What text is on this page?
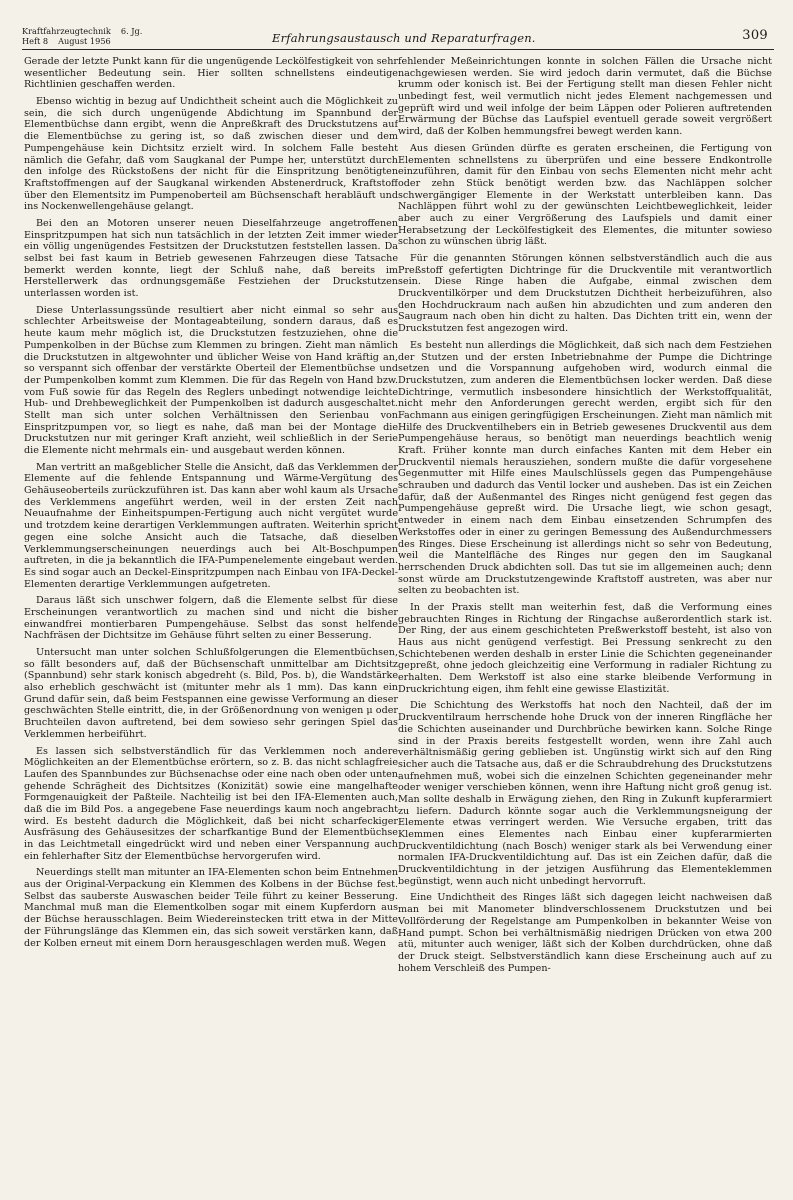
Kraftfahrzeugtechnik 6. Jg.
Heft 8 August 1956	Erfahrungsaustausch und Reparaturfragen.	309

Gerade der letzte Punkt kann für die ungenügende Leckölfestigkeit von sehr wesentlicher Bedeutung sein. Hier sollten schnellstens eindeutige Richtlinien geschaffen werden.

Ebenso wichtig in bezug auf Undichtheit scheint auch die Möglichkeit zu sein, die sich durch ungenügende Abdichtung im Spannbund der Elementbüchse dann ergibt, wenn die Anpreßkraft des Druckstutzens auf die Elementbüchse zu gering ist, so daß zwischen dieser und dem Pumpengehäuse kein Dichtsitz erzielt wird. In solchem Falle besteht nämlich die Gefahr, daß vom Saugkanal der Pumpe her, unterstützt durch den infolge des Rückstoßens der nicht für die Einspritzung benötigten Kraftstoffmengen auf der Saugkanal wirkenden Abstenerdruck, Kraftstoff über den Elementsitz im Pumpenoberteil am Büchsenschaft herabläuft und ins Nockenwellengehäuse gelangt.

Bei den an Motoren unserer neuen Dieselfahrzeuge angetroffenen Einspritzpumpen hat sich nun tatsächlich in der letzten Zeit immer wieder ein völlig ungenügendes Festsitzen der Druckstutzen feststellen lassen. Da selbst bei fast kaum in Betrieb gewesenen Fahrzeugen diese Tatsache bemerkt werden konnte, liegt der Schluß nahe, daß bereits im Herstellerwerk das ordnungsgemäße Festziehen der Druckstutzen unterlassen worden ist.

Diese Unterlassungssünde resultiert aber nicht einmal so sehr aus schlechter Arbeitsweise der Montageabteilung, sondern daraus, daß es heute kaum mehr möglich ist, die Druckstutzen festzuziehen, ohne die Pumpenkolben in der Büchse zum Klemmen zu bringen. Zieht man nämlich die Druckstutzen in altgewohnter und üblicher Weise von Hand kräftig an, so verspannt sich offenbar der verstärkte Oberteil der Elementbüchse und der Pumpenkolben kommt zum Klemmen. Die für das Regeln von Hand bzw. vom Fuß sowie für das Regeln des Reglers unbedingt notwendige leichte Hub- und Drehbeweglichkeit der Pumpenkolben ist dadurch ausgeschaltet. Stellt man sich unter solchen Verhältnissen den Serienbau von Einspritzpumpen vor, so liegt es nahe, daß man bei der Montage die Druckstutzen nur mit geringer Kraft anzieht, weil schließlich in der Serie die Elemente nicht mehrmals ein- und ausgebaut werden können.

Man vertritt an maßgeblicher Stelle die Ansicht, daß das Verklemmen der Elemente auf die fehlende Entspannung und Wärme-Vergütung des Gehäuseoberteils zurückzuführen ist. Das kann aber wohl kaum als Ursache des Verklemmens angeführt werden, weil in der ersten Zeit nach Neuaufnahme der Einheitspumpen-Fertigung auch nicht vergütet wurde und trotzdem keine derartigen Verklemmungen auftraten. Weiterhin spricht gegen eine solche Ansicht auch die Tatsache, daß dieselben Verklemmungserscheinungen neuerdings auch bei Alt-Boschpumpen auftreten, in die ja bekanntlich die IFA-Pumpenelemente eingebaut werden. Es sind sogar auch an Deckel-Einspritzpumpen nach Einbau von IFA-Deckel-Elementen derartige Verklemmungen aufgetreten.

Daraus läßt sich unschwer folgern, daß die Elemente selbst für diese Erscheinungen verantwortlich zu machen sind und nicht die bisher einwandfrei montierbaren Pumpengehäuse. Selbst das sonst helfende Nachfräsen der Dichtsitze im Gehäuse führt selten zu einer Besserung.

Untersucht man unter solchen Schlußfolgerungen die Elementbüchsen, so fällt besonders auf, daß der Büchsenschaft unmittelbar am Dichtsitz (Spannbund) sehr stark konisch abgedreht (s. Bild, Pos. b), die Wandstärke also erheblich geschwächt ist (mitunter mehr als 1 mm). Das kann ein Grund dafür sein, daß beim Festspannen eine gewisse Verformung an dieser geschwächten Stelle eintritt, die, in der Größenordnung von wenigen μ oder Bruchteilen davon auftretend, bei dem sowieso sehr geringen Spiel das Verklemmen herbeiführt.

Es lassen sich selbstverständlich für das Verklemmen noch andere Möglichkeiten an der Elementbüchse erörtern, so z. B. das nicht schlagfreie Laufen des Spannbundes zur Büchsenachse oder eine nach oben oder unten gehende Schrägheit des Dichtsitzes (Konizität) sowie eine mangelhafte Formgenauigkeit der Paßteile. Nachteilig ist bei den IFA-Elementen auch, daß die im Bild Pos. a angegebene Fase neuerdings kaum noch angebracht wird. Es besteht dadurch die Möglichkeit, daß bei nicht scharfeckiger Ausfräsung des Gehäusesitzes der scharfkantige Bund der Elementbüchse in das Leichtmetall eingedrückt wird und neben einer Verspannung auch ein fehlerhafter Sitz der Elementbüchse hervorgerufen wird.

Neuerdings stellt man mitunter an IFA-Elementen schon beim Entnehmen aus der Original-Verpackung ein Klemmen des Kolbens in der Büchse fest. Selbst das sauberste Auswaschen beider Teile führt zu keiner Besserung. Manchmal muß man die Elementkolben sogar mit einem Kupferdorn aus der Büchse herausschlagen. Beim Wiedereinstecken tritt etwa in der Mitte der Führungslänge das Klemmen ein, das sich soweit verstärken kann, daß der Kolben erneut mit einem Dorn herausgeschlagen werden muß. Wegen

fehlender Meßeinrichtungen konnte in solchen Fällen die Ursache nicht nachgewiesen werden. Sie wird jedoch darin vermutet, daß die Büchse krumm oder konisch ist. Bei der Fertigung stellt man diesen Fehler nicht unbedingt fest, weil vermutlich nicht jedes Element nachgemessen und geprüft wird und weil infolge der beim Läppen oder Polieren auftretenden Erwärmung der Büchse das Laufspiel eventuell gerade soweit vergrößert wird, daß der Kolben hemmungsfrei bewegt werden kann.

Aus diesen Gründen dürfte es geraten erscheinen, die Fertigung von Elementen schnellstens zu überprüfen und eine bessere Endkontrolle einzuführen, damit für den Einbau von sechs Elementen nicht mehr acht oder zehn Stück benötigt werden bzw. das Nachläppen solcher schwergängiger Elemente in der Werkstatt unterbleiben kann. Das Nachläppen führt wohl zu der gewünschten Leichtbeweglichkeit, leider aber auch zu einer Vergrößerung des Laufspiels und damit einer Herabsetzung der Leckölfestigkeit des Elementes, die mitunter sowieso schon zu wünschen übrig läßt.

Für die genannten Störungen können selbstverständlich auch die aus Preßstoff gefertigten Dichtringe für die Druckventile mit verantwortlich sein. Diese Ringe haben die Aufgabe, einmal zwischen dem Druckventilkörper und dem Druckstutzen Dichtheit herbeizuführen, also den Hochdruckraum nach außen hin abzudichten und zum anderen den Saugraum nach oben hin dicht zu halten. Das Dichten tritt ein, wenn der Druckstutzen fest angezogen wird.

Es besteht nun allerdings die Möglichkeit, daß sich nach dem Festziehen der Stutzen und der ersten Inbetriebnahme der Pumpe die Dichtringe setzen und die Vorspannung aufgehoben wird, wodurch einmal die Druckstutzen, zum anderen die Elementbüchsen locker werden. Daß diese Dichtringe, vermutlich insbesondere hinsichtlich der Werkstoffqualität, nicht mehr den Anforderungen gerecht werden, ergibt sich für den Fachmann aus einigen geringfügigen Erscheinungen. Zieht man nämlich mit Hilfe des Druckventilhebers ein in Betrieb gewesenes Druckventil aus dem Pumpengehäuse heraus, so benötigt man neuerdings beachtlich wenig Kraft. Früher konnte man durch einfaches Kanten mit dem Heber ein Druckventil niemals herausziehen, sondern mußte die dafür vorgesehene Gegenmutter mit Hilfe eines Maulschlüssels gegen das Pumpengehäuse schrauben und dadurch das Ventil locker und ausheben. Das ist ein Zeichen dafür, daß der Außenmantel des Ringes nicht genügend fest gegen das Pumpengehäuse gepreßt wird. Die Ursache liegt, wie schon gesagt, entweder in einem nach dem Einbau einsetzenden Schrumpfen des Werkstoffes oder in einer zu geringen Bemessung des Außendurchmessers des Ringes. Diese Erscheinung ist allerdings nicht so sehr von Bedeutung, weil die Mantelfläche des Ringes nur gegen den im Saugkanal herrschenden Druck abdichten soll. Das tut sie im allgemeinen auch; denn sonst würde am Druckstutzengewinde Kraftstoff austreten, was aber nur selten zu beobachten ist.

In der Praxis stellt man weiterhin fest, daß die Verformung eines gebrauchten Ringes in Richtung der Ringachse außerordentlich stark ist. Der Ring, der aus einem geschichteten Preßwerkstoff besteht, ist also von Haus aus nicht genügend verfestigt. Bei Pressung senkrecht zu den Schichtebenen werden deshalb in erster Linie die Schichten gegeneinander gepreßt, ohne jedoch gleichzeitig eine Verformung in radialer Richtung zu erhalten. Dem Werkstoff ist also eine starke bleibende Verformung in Druckrichtung eigen, ihm fehlt eine gewisse Elastizität.

Die Schichtung des Werkstoffs hat noch den Nachteil, daß der im Druckventilraum herrschende hohe Druck von der inneren Ringfläche her die Schichten auseinander und Durchbrüche bewirken kann. Solche Ringe sind in der Praxis bereits festgestellt worden, wenn ihre Zahl auch verhältnismäßig gering geblieben ist. Ungünstig wirkt sich auf den Ring sicher auch die Tatsache aus, daß er die Schraubdrehung des Druckstutzens aufnehmen muß, wobei sich die einzelnen Schichten gegeneinander mehr oder weniger verschieben können, wenn ihre Haftung nicht groß genug ist. Man sollte deshalb in Erwägung ziehen, den Ring in Zukunft kupferarmiert zu liefern. Dadurch könnte sogar auch die Verklemmungsneigung der Elemente etwas verringert werden. Wie Versuche ergaben, tritt das Klemmen eines Elementes nach Einbau einer kupferarmierten Druckventildichtung (nach Bosch) weniger stark als bei Verwendung einer normalen IFA-Druckventildichtung auf. Das ist ein Zeichen dafür, daß die Druckventildichtung in der jetzigen Ausführung das Elementeklemmen begünstigt, wenn auch nicht unbedingt hervorruft.

Eine Undichtheit des Ringes läßt sich dagegen leicht nachweisen daß man bei mit Manometer blindverschlossenem Druckstutzen und bei Vollförderung der Regelstange am Pumpenkolben in bekannter Weise von Hand pumpt. Schon bei verhältnismäßig niedrigen Drücken von etwa 200 atü, mitunter auch weniger, läßt sich der Kolben durchdrücken, ohne daß der Druck steigt. Selbstverständlich kann diese Erscheinung auch auf zu hohem Verschleiß des Pumpen-
